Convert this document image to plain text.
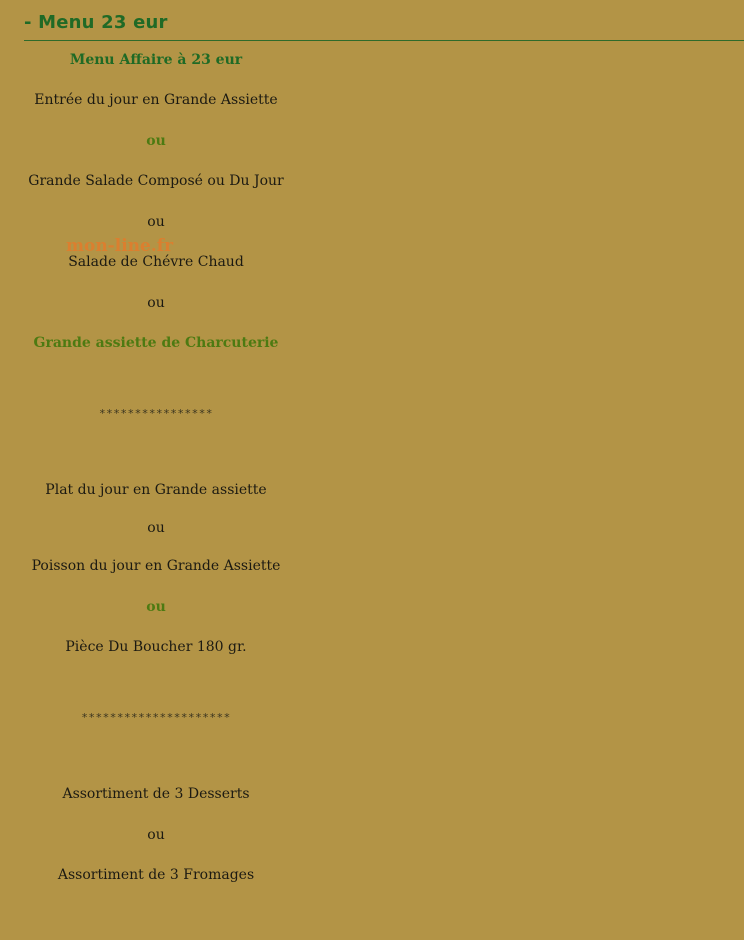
- Menu 23 eur
Menu Affaire à 23 eur
Entrée du jour en Grande Assiette
ou
Grande Salade Composé ou Du Jour
ou
Salade de Chévre Chaud
ou
Grande assiette de Charcuterie
****************
Plat du jour en Grande assiette
ou
Poisson du jour en Grande Assiette
ou
Pièce Du Boucher 180 gr.
*********************
Assortiment de 3 Desserts
ou
Assortiment de 3 Fromages
mon-line.fr
